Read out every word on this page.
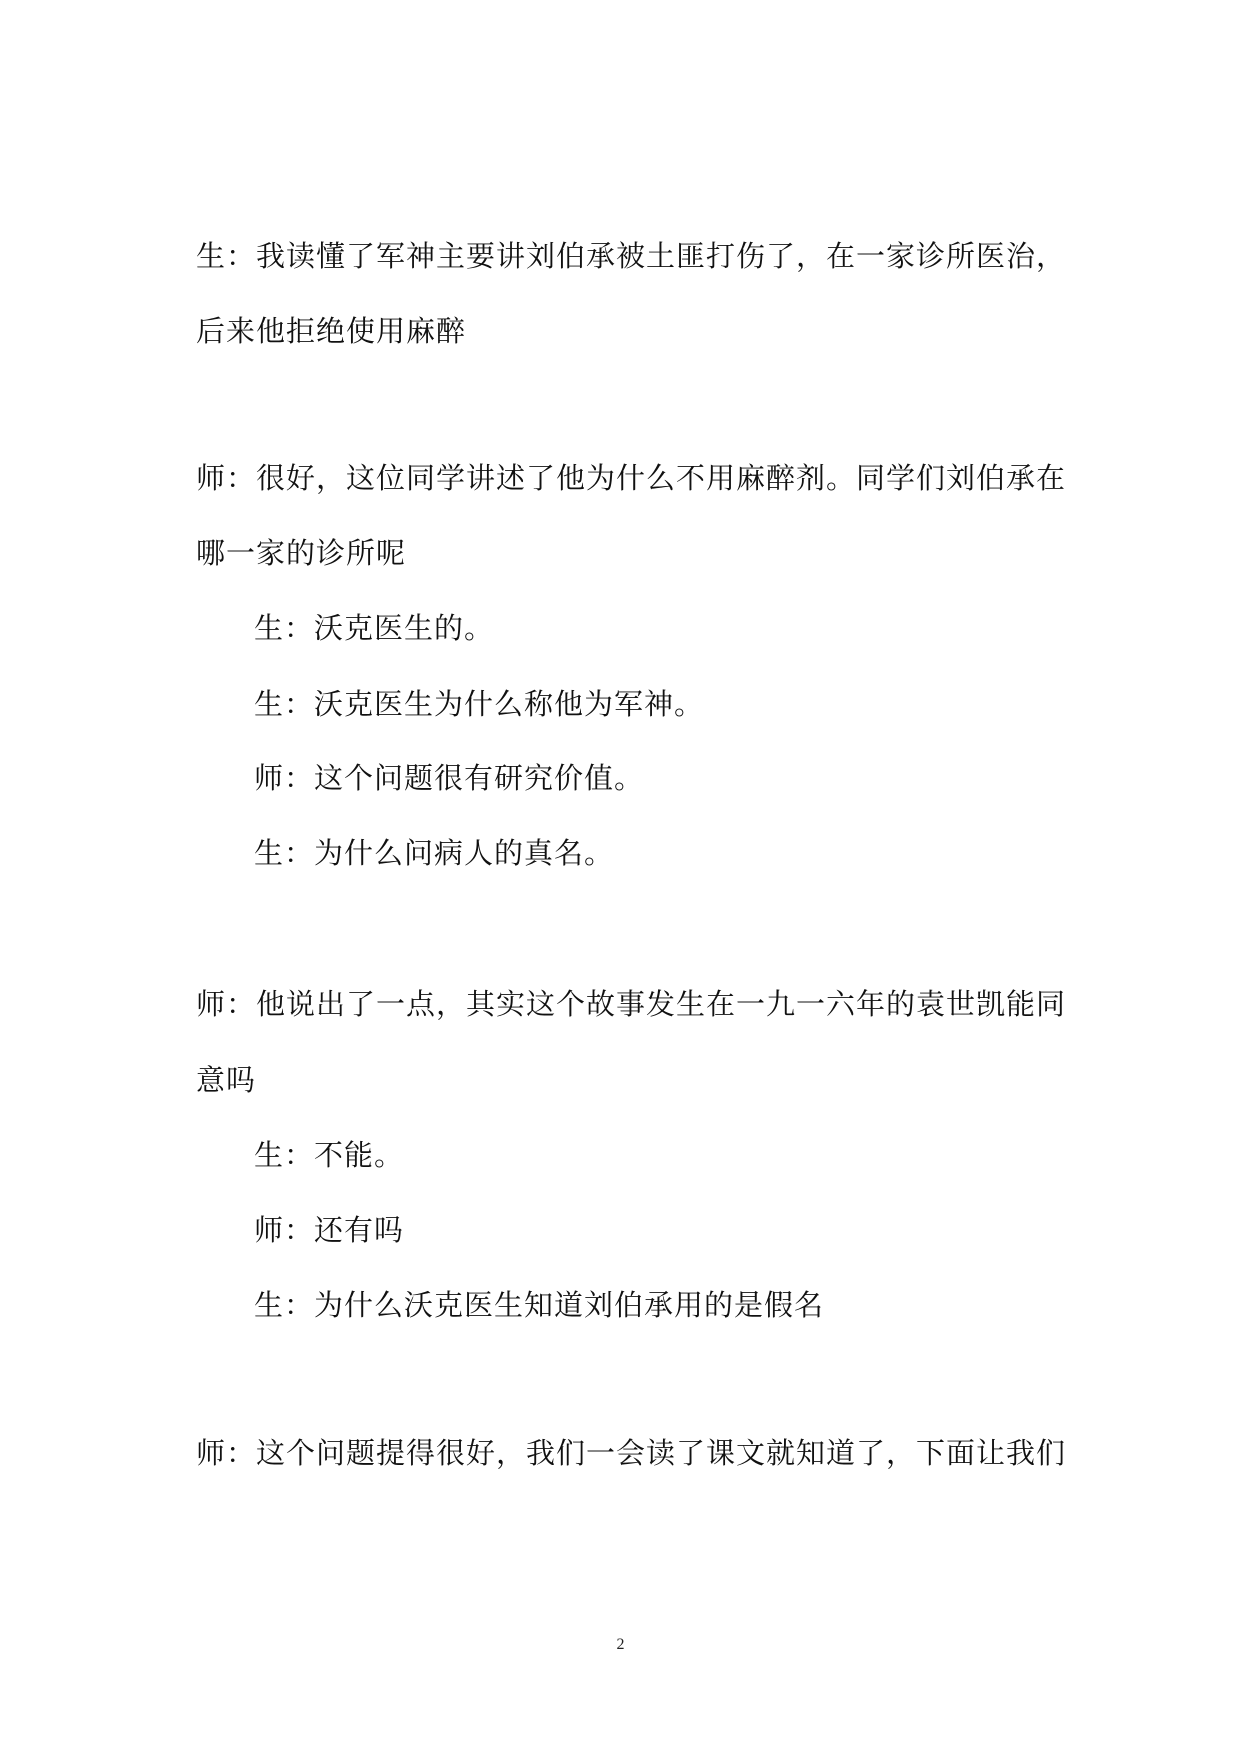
生：我读懂了军神主要讲刘伯承被土匪打伤了，在一家诊所医治，
后来他拒绝使用麻醉
师：很好，这位同学讲述了他为什么不用麻醉剂。同学们刘伯承在
哪一家的诊所呢
生：沃克医生的。
生：沃克医生为什么称他为军神。
师：这个问题很有研究价值。
生：为什么问病人的真名。
师：他说出了一点，其实这个故事发生在一九一六年的袁世凯能同
意吗
生：不能。
师：还有吗
生：为什么沃克医生知道刘伯承用的是假名
师：这个问题提得很好，我们一会读了课文就知道了，下面让我们
2
